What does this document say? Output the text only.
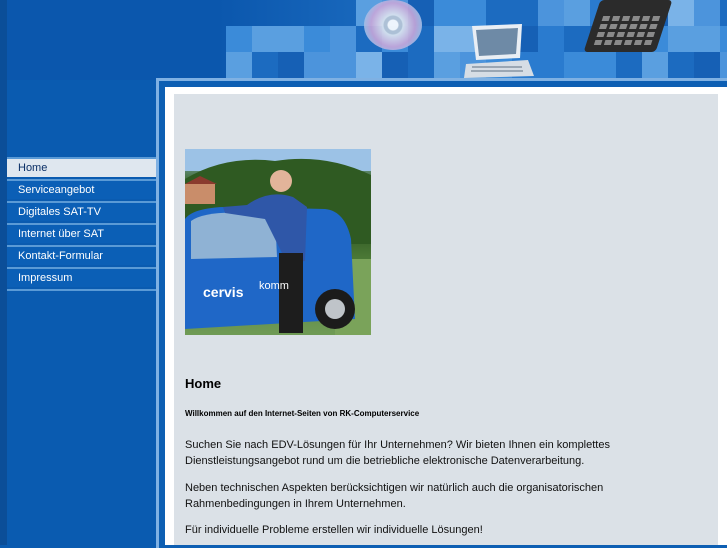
Home
Serviceangebot
Digitales SAT-TV
Internet über SAT
Kontakt-Formular
Impressum
cervis komm
Home
Willkommen auf den Internet-Seiten von RK-Computerservice
Suchen Sie nach EDV-Lösungen für Ihr Unternehmen? Wir bieten Ihnen ein komplettes Dienstleistungsangebot rund um die betriebliche elektronische Datenverarbeitung.
Neben technischen Aspekten berücksichtigen wir natürlich auch die organisatorischen Rahmenbedingungen in Ihrem Unternehmen.
Für individuelle Probleme erstellen wir individuelle Lösungen!
